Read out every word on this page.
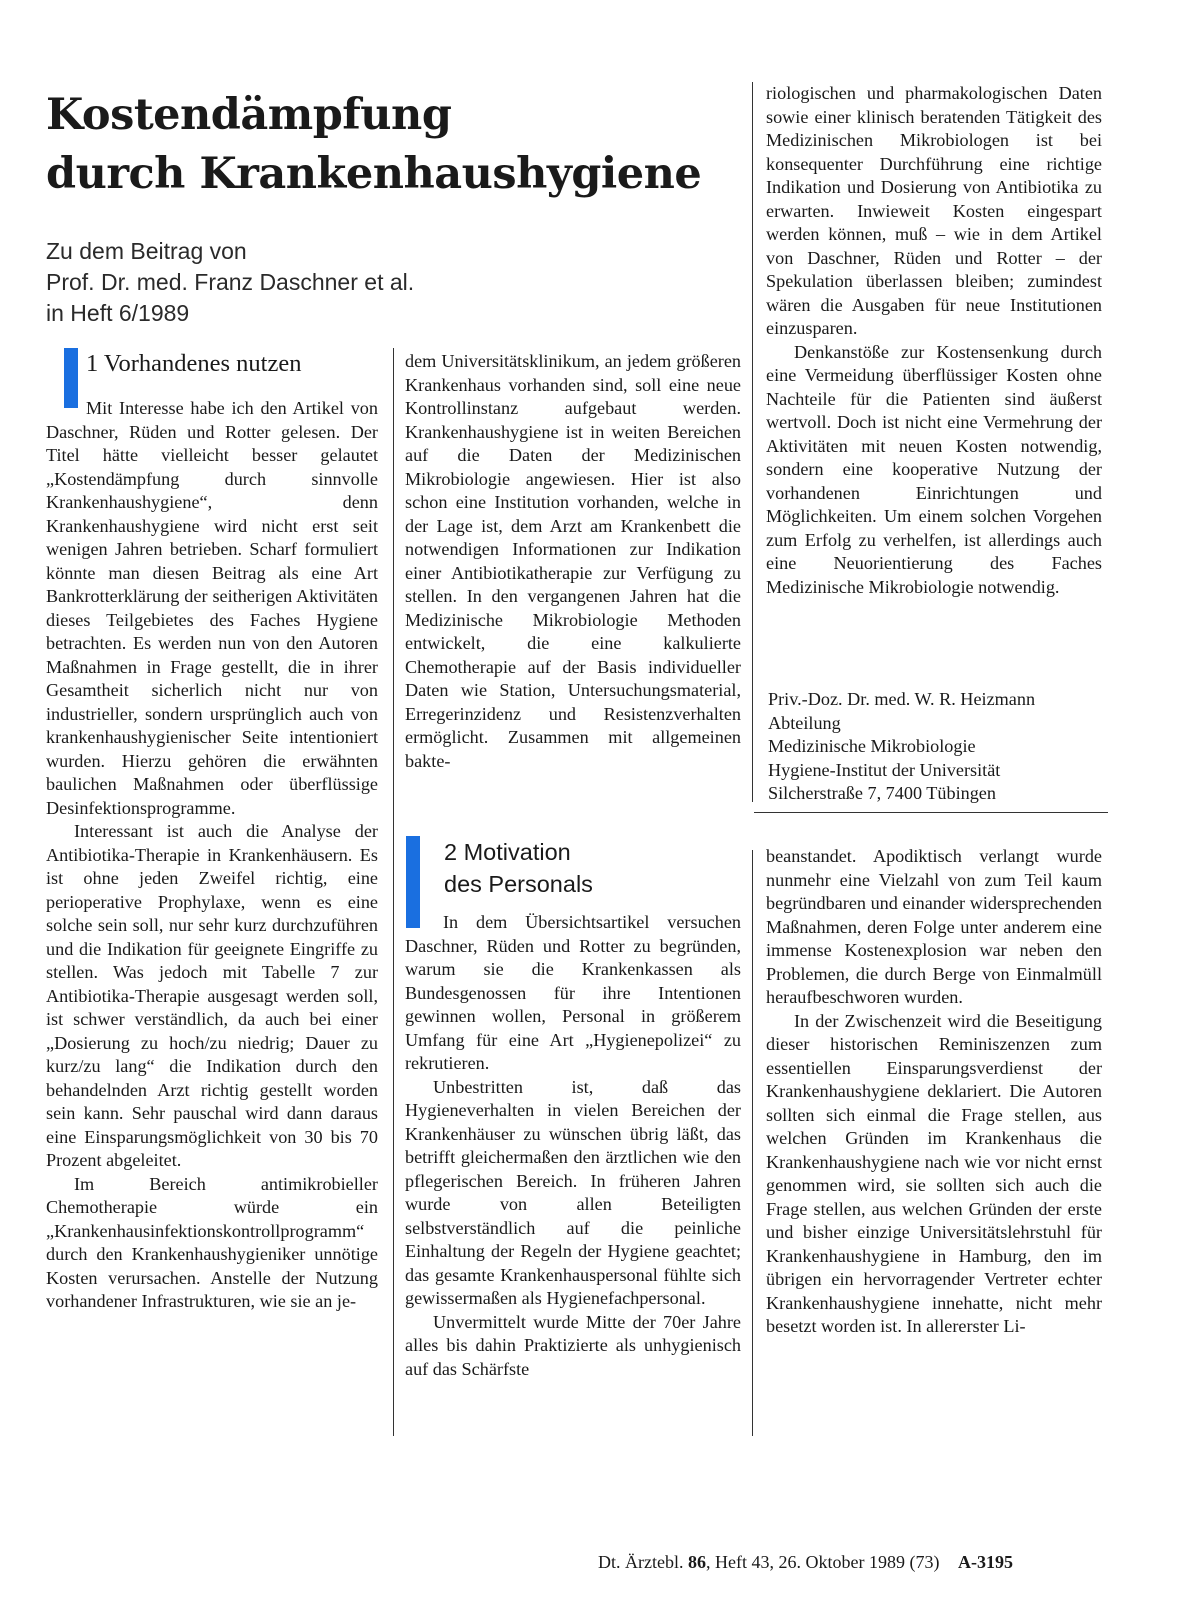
Kostendämpfung
durch Krankenhaushygiene
Zu dem Beitrag von
Prof. Dr. med. Franz Daschner et al.
in Heft 6/1989
1 Vorhandenes nutzen

Mit Interesse habe ich den Artikel von Daschner, Rüden und Rotter gelesen. Der Titel hätte vielleicht besser gelautet „Kostendämpfung durch sinnvolle Krankenhaushygiene“, denn Krankenhaushygiene wird nicht erst seit wenigen Jahren betrieben. Scharf formuliert könnte man diesen Beitrag als eine Art Bankrotterklärung der seitherigen Aktivitäten dieses Teilgebietes des Faches Hygiene betrachten. Es werden nun von den Autoren Maßnahmen in Frage gestellt, die in ihrer Gesamtheit sicherlich nicht nur von industrieller, sondern ursprünglich auch von krankenhaushygienischer Seite intentioniert wurden. Hierzu gehören die erwähnten baulichen Maßnahmen oder überflüssige Desinfektionsprogramme.

Interessant ist auch die Analyse der Antibiotika-Therapie in Krankenhäusern. Es ist ohne jeden Zweifel richtig, eine perioperative Prophylaxe, wenn es eine solche sein soll, nur sehr kurz durchzuführen und die Indikation für geeignete Eingriffe zu stellen. Was jedoch mit Tabelle 7 zur Antibiotika-Therapie ausgesagt werden soll, ist schwer verständlich, da auch bei einer „Dosierung zu hoch/zu niedrig; Dauer zu kurz/zu lang“ die Indikation durch den behandelnden Arzt richtig gestellt worden sein kann. Sehr pauschal wird dann daraus eine Einsparungsmöglichkeit von 30 bis 70 Prozent abgeleitet.

Im Bereich antimikrobieller Chemotherapie würde ein „Krankenhausinfektionskontrollprogramm“ durch den Krankenhaushygieniker unnötige Kosten verursachen. Anstelle der Nutzung vorhandener Infrastrukturen, wie sie an je-

dem Universitätsklinikum, an jedem größeren Krankenhaus vorhanden sind, soll eine neue Kontrollinstanz aufgebaut werden. Krankenhaushygiene ist in weiten Bereichen auf die Daten der Medizinischen Mikrobiologie angewiesen. Hier ist also schon eine Institution vorhanden, welche in der Lage ist, dem Arzt am Krankenbett die notwendigen Informationen zur Indikation einer Antibiotikatherapie zur Verfügung zu stellen. In den vergangenen Jahren hat die Medizinische Mikrobiologie Methoden entwickelt, die eine kalkulierte Chemotherapie auf der Basis individueller Daten wie Station, Untersuchungsmaterial, Erregerinzidenz und Resistenzverhalten ermöglicht. Zusammen mit allgemeinen bakte-

riologischen und pharmakologischen Daten sowie einer klinisch beratenden Tätigkeit des Medizinischen Mikrobiologen ist bei konsequenter Durchführung eine richtige Indikation und Dosierung von Antibiotika zu erwarten. Inwieweit Kosten eingespart werden können, muß – wie in dem Artikel von Daschner, Rüden und Rotter – der Spekulation überlassen bleiben; zumindest wären die Ausgaben für neue Institutionen einzusparen.

Denkanstöße zur Kostensenkung durch eine Vermeidung überflüssiger Kosten ohne Nachteile für die Patienten sind äußerst wertvoll. Doch ist nicht eine Vermehrung der Aktivitäten mit neuen Kosten notwendig, sondern eine kooperative Nutzung der vorhandenen Einrichtungen und Möglichkeiten. Um einem solchen Vorgehen zum Erfolg zu verhelfen, ist allerdings auch eine Neuorientierung des Faches Medizinische Mikrobiologie notwendig.

Priv.-Doz. Dr. med. W. R. Heizmann
Abteilung
Medizinische Mikrobiologie
Hygiene-Institut der Universität
Silcherstraße 7, 7400 Tübingen
2 Motivation
des Personals

In dem Übersichtsartikel versuchen Daschner, Rüden und Rotter zu begründen, warum sie die Krankenkassen als Bundesgenossen für ihre Intentionen gewinnen wollen, Personal in größerem Umfang für eine Art „Hygienepolizei“ zu rekrutieren.

Unbestritten ist, daß das Hygieneverhalten in vielen Bereichen der Krankenhäuser zu wünschen übrig läßt, das betrifft gleichermaßen den ärztlichen wie den pflegerischen Bereich. In früheren Jahren wurde von allen Beteiligten selbstverständlich auf die peinliche Einhaltung der Regeln der Hygiene geachtet; das gesamte Krankenhauspersonal fühlte sich gewissermaßen als Hygienefachpersonal.

Unvermittelt wurde Mitte der 70er Jahre alles bis dahin Praktizierte als unhygienisch auf das Schärfste

beanstandet. Apodiktisch verlangt wurde nunmehr eine Vielzahl von zum Teil kaum begründbaren und einander widersprechenden Maßnahmen, deren Folge unter anderem eine immense Kostenexplosion war neben den Problemen, die durch Berge von Einmalmüll heraufbeschworen wurden.

In der Zwischenzeit wird die Beseitigung dieser historischen Reminiszenzen zum essentiellen Einsparungsverdienst der Krankenhaushygiene deklariert. Die Autoren sollten sich einmal die Frage stellen, aus welchen Gründen im Krankenhaus die Krankenhaushygiene nach wie vor nicht ernst genommen wird, sie sollten sich auch die Frage stellen, aus welchen Gründen der erste und bisher einzige Universitätslehrstuhl für Krankenhaushygiene in Hamburg, den im übrigen ein hervorragender Vertreter echter Krankenhaushygiene innehatte, nicht mehr besetzt worden ist. In allererster Li-

Dt. Ärztebl. 86, Heft 43, 26. Oktober 1989 (73) A-3195
